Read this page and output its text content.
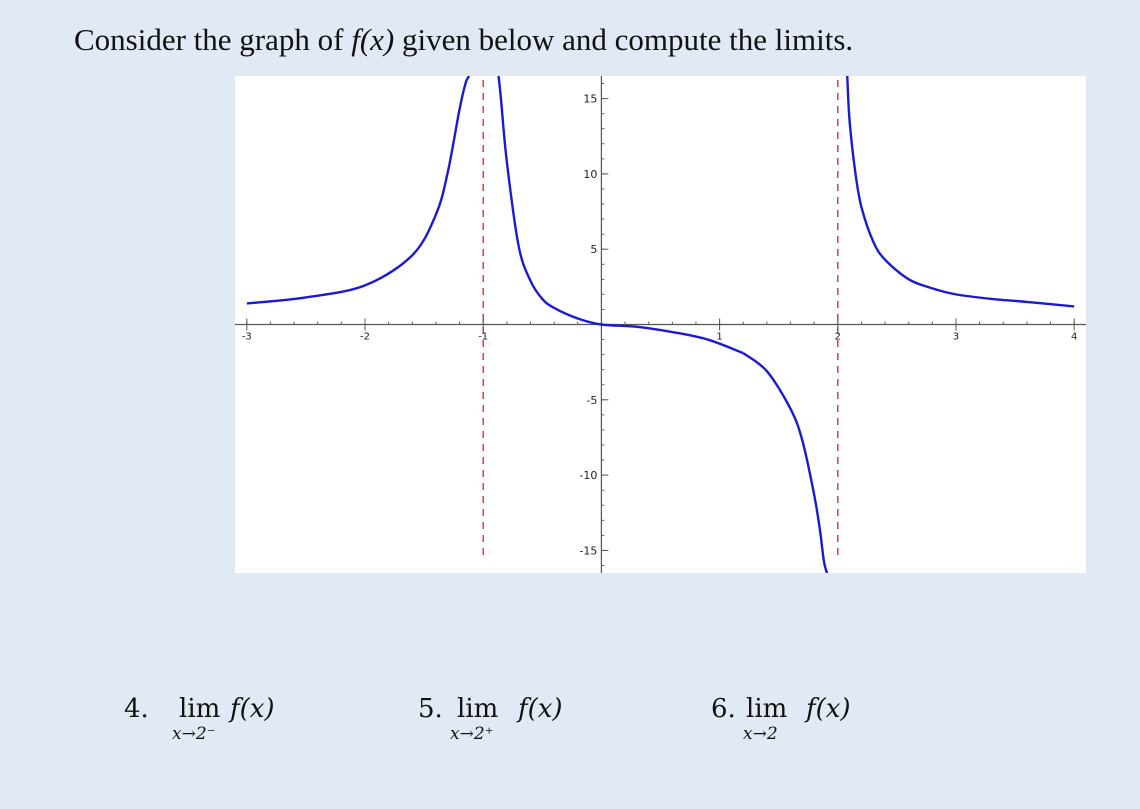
Consider the graph of f(x) given below and compute the limits.
-3	-2	-1	1	2	3	4
15
10
5
-5
-10
-15
4. lim f(x)
x→2⁻
5. lim f(x)
x→2⁺
6. lim f(x)
x→2
